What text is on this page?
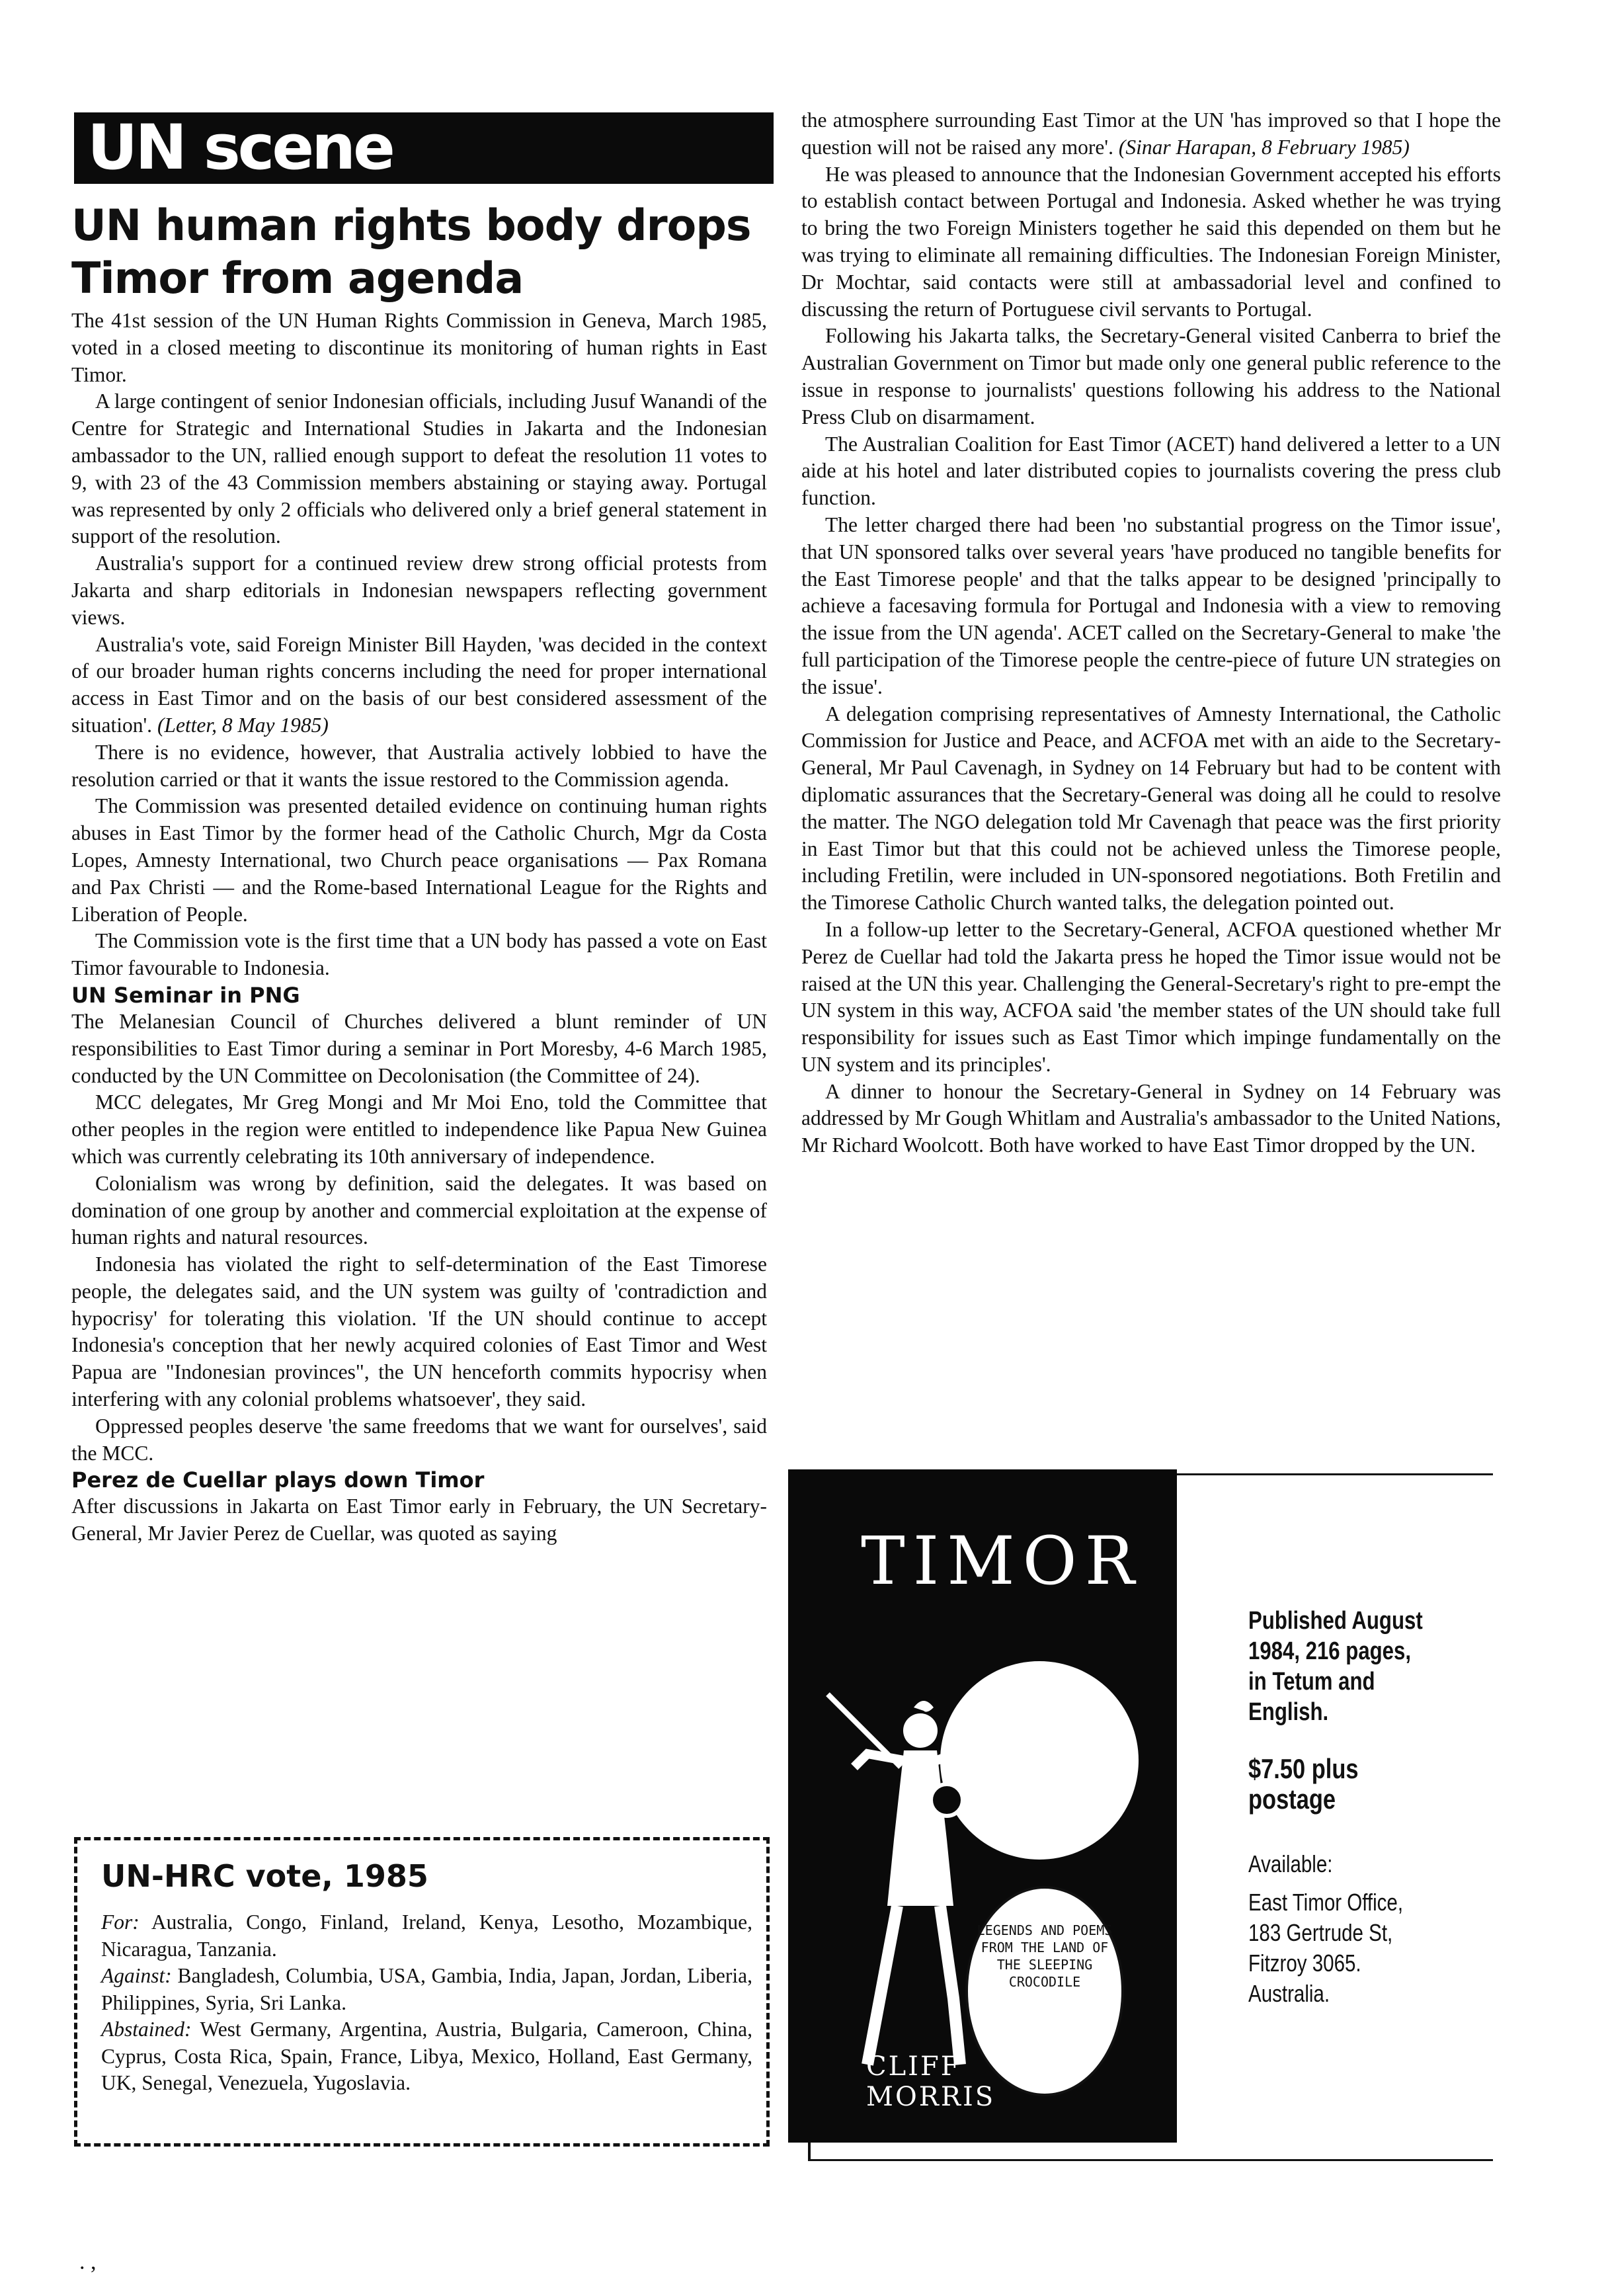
UN scene
UN human rights body drops Timor from agenda

The 41st session of the UN Human Rights Commission in Geneva, March 1985, voted in a closed meeting to discontinue its monitoring of human rights in East Timor.

A large contingent of senior Indonesian officials, including Jusuf Wanandi of the Centre for Strategic and International Studies in Jakarta and the Indonesian ambassador to the UN, rallied enough support to defeat the resolution 11 votes to 9, with 23 of the 43 Commission members abstaining or staying away. Portugal was represented by only 2 officials who delivered only a brief general statement in support of the resolution.

Australia's support for a continued review drew strong official protests from Jakarta and sharp editorials in Indonesian newspapers reflecting government views.

Australia's vote, said Foreign Minister Bill Hayden, 'was decided in the context of our broader human rights concerns including the need for proper international access in East Timor and on the basis of our best considered assessment of the situation'. (Letter, 8 May 1985)

There is no evidence, however, that Australia actively lobbied to have the resolution carried or that it wants the issue restored to the Commission agenda.

The Commission was presented detailed evidence on continuing human rights abuses in East Timor by the former head of the Catholic Church, Mgr da Costa Lopes, Amnesty International, two Church peace organisations — Pax Romana and Pax Christi — and the Rome-based International League for the Rights and Liberation of People.

The Commission vote is the first time that a UN body has passed a vote on East Timor favourable to Indonesia.

UN Seminar in PNG

The Melanesian Council of Churches delivered a blunt reminder of UN responsibilities to East Timor during a seminar in Port Moresby, 4-6 March 1985, conducted by the UN Committee on Decolonisation (the Committee of 24).

MCC delegates, Mr Greg Mongi and Mr Moi Eno, told the Committee that other peoples in the region were entitled to independence like Papua New Guinea which was currently celebrating its 10th anniversary of independence.

Colonialism was wrong by definition, said the delegates. It was based on domination of one group by another and commercial exploitation at the expense of human rights and natural resources.

Indonesia has violated the right to self-determination of the East Timorese people, the delegates said, and the UN system was guilty of 'contradiction and hypocrisy' for tolerating this violation. 'If the UN should continue to accept Indonesia's conception that her newly acquired colonies of East Timor and West Papua are "Indonesian provinces", the UN henceforth commits hypocrisy when interfering with any colonial problems whatsoever', they said.

Oppressed peoples deserve 'the same freedoms that we want for ourselves', said the MCC.

Perez de Cuellar plays down Timor

After discussions in Jakarta on East Timor early in February, the UN Secretary-General, Mr Javier Perez de Cuellar, was quoted as saying

the atmosphere surrounding East Timor at the UN 'has improved so that I hope the question will not be raised any more'. (Sinar Harapan, 8 February 1985)

He was pleased to announce that the Indonesian Government accepted his efforts to establish contact between Portugal and Indonesia. Asked whether he was trying to bring the two Foreign Ministers together he said this depended on them but he was trying to eliminate all remaining difficulties. The Indonesian Foreign Minister, Dr Mochtar, said contacts were still at ambassadorial level and confined to discussing the return of Portuguese civil servants to Portugal.

Following his Jakarta talks, the Secretary-General visited Canberra to brief the Australian Government on Timor but made only one general public reference to the issue in response to journalists' questions following his address to the National Press Club on disarmament.

The Australian Coalition for East Timor (ACET) hand delivered a letter to a UN aide at his hotel and later distributed copies to journalists covering the press club function.

The letter charged there had been 'no substantial progress on the Timor issue', that UN sponsored talks over several years 'have produced no tangible benefits for the East Timorese people' and that the talks appear to be designed 'principally to achieve a facesaving formula for Portugal and Indonesia with a view to removing the issue from the UN agenda'. ACET called on the Secretary-General to make 'the full participation of the Timorese people the centre-piece of future UN strategies on the issue'.

A delegation comprising representatives of Amnesty International, the Catholic Commission for Justice and Peace, and ACFOA met with an aide to the Secretary-General, Mr Paul Cavenagh, in Sydney on 14 February but had to be content with diplomatic assurances that the Secretary-General was doing all he could to resolve the matter. The NGO delegation told Mr Cavenagh that peace was the first priority in East Timor but that this could not be achieved unless the Timorese people, including Fretilin, were included in UN-sponsored negotiations. Both Fretilin and the Timorese Catholic Church wanted talks, the delegation pointed out.

In a follow-up letter to the Secretary-General, ACFOA questioned whether Mr Perez de Cuellar had told the Jakarta press he hoped the Timor issue would not be raised at the UN this year. Challenging the General-Secretary's right to pre-empt the UN system in this way, ACFOA said 'the member states of the UN should take full responsibility for issues such as East Timor which impinge fundamentally on the UN system and its principles'.

A dinner to honour the Secretary-General in Sydney on 14 February was addressed by Mr Gough Whitlam and Australia's ambassador to the United Nations, Mr Richard Woolcott. Both have worked to have East Timor dropped by the UN.

UN-HRC vote, 1985

For: Australia, Congo, Finland, Ireland, Kenya, Lesotho, Mozambique, Nicaragua, Tanzania.
Against: Bangladesh, Columbia, USA, Gambia, India, Japan, Jordan, Liberia, Philippines, Syria, Sri Lanka.
Abstained: West Germany, Argentina, Austria, Bulgaria, Cameroon, China, Cyprus, Costa Rica, Spain, France, Libya, Mexico, Holland, East Germany, UK, Senegal, Venezuela, Yugoslavia.

TIMOR

LEGENDS AND POEMS FROM THE LAND OF THE SLEEPING CROCODILE

CLIFF
MORRIS

Published August
1984, 216 pages,
in Tetum and English.

$7.50 plus postage

Available:

East Timor Office,
183 Gertrude St,
Fitzroy 3065.
Australia.

. ,
